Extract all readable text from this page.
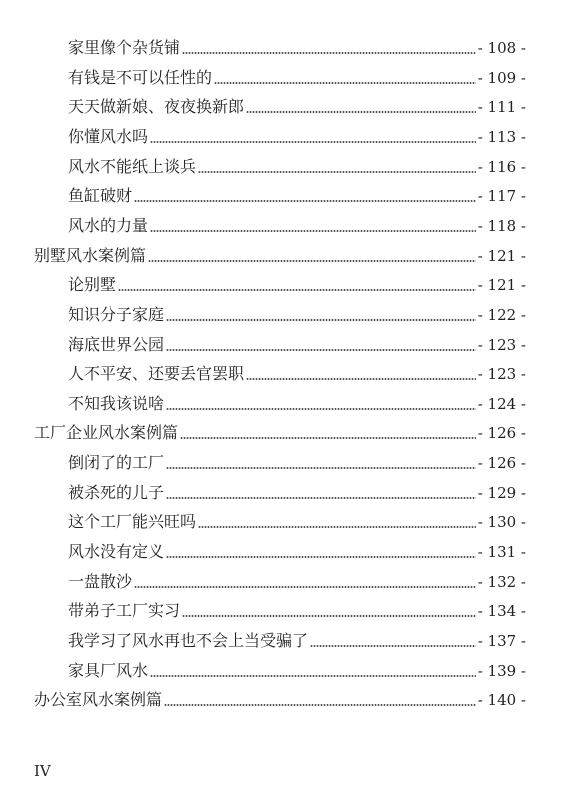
家里像个杂货铺	- 108 -
有钱是不可以任性的	- 109 -
天天做新娘、夜夜换新郎	- 111 -
你懂风水吗	- 113 -
风水不能纸上谈兵	- 116 -
鱼缸破财	- 117 -
风水的力量	- 118 -
别墅风水案例篇	- 121 -
论别墅	- 121 -
知识分子家庭	- 122 -
海底世界公园	- 123 -
人不平安、还要丢官罢职	- 123 -
不知我该说啥	- 124 -
工厂企业风水案例篇	- 126 -
倒闭了的工厂	- 126 -
被杀死的儿子	- 129 -
这个工厂能兴旺吗	- 130 -
风水没有定义	- 131 -
一盘散沙	- 132 -
带弟子工厂实习	- 134 -
我学习了风水再也不会上当受骗了	- 137 -
家具厂风水	- 139 -
办公室风水案例篇	- 140 -
IV
